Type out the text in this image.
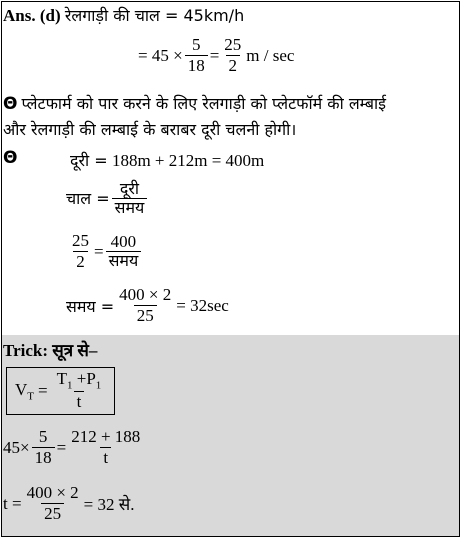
Ans. (d) रेलगाड़ी की चाल = 45km/h
= $45 \times \frac{5}{18} = \frac{25}{2}$ m / sec
Θ प्लेटफार्म को पार करने के लिए रेलगाड़ी को प्लेटफॉर्म की लम्बाई
और रेलगाड़ी की लम्बाई के बराबर दूरी चलनी होगी।
Θ	दूरी = 188m + 212m = 400m
चाल = $\frac{\text{दूरी}}{\text{समय}}$
$\frac{25}{2} = \frac{400}{\text{समय}}$
समय = $\frac{400 \times 2}{25} = 32\sec$
Trick: सूत्र से–
$V_T = \frac{T_1 +P_1}{t}$
$45\times \frac{5}{18} = \frac{212 + 188}{t}$
$t = \frac{400 \times 2}{25} = 32$ से.
